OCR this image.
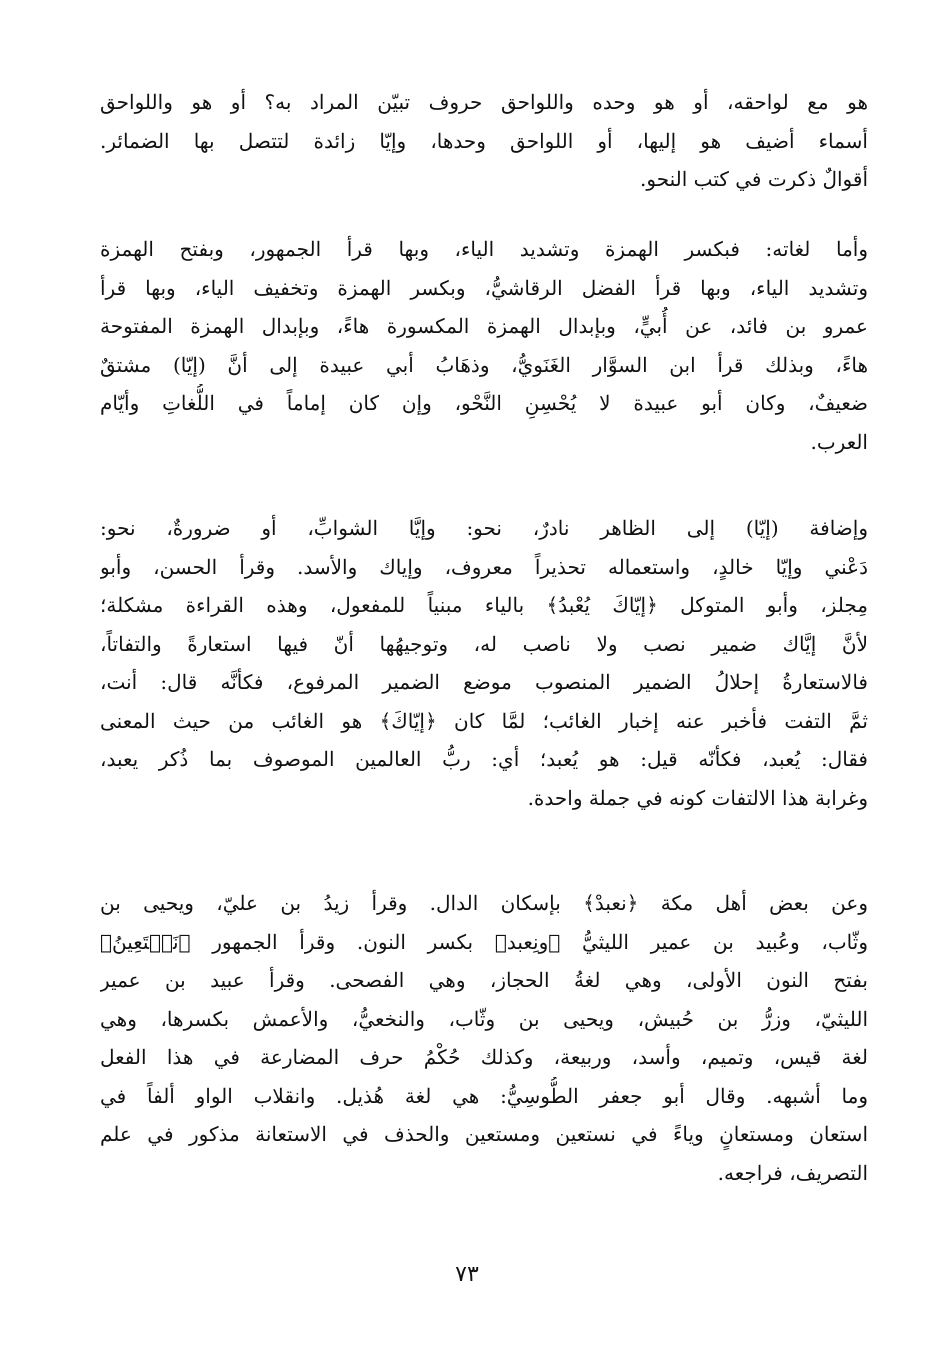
هو مع لواحقه، أو هو وحده واللواحق حروف تبيّن المراد به؟ أو هو واللواحق
أسماء أضيف هو إليها، أو اللواحق وحدها، وإيّا زائدة لتتصل بها الضمائر.
أقوالٌ ذكرت في كتب النحو.
وأما لغاته: فبكسر الهمزة وتشديد الياء، وبها قرأ الجمهور، وبفتح الهمزة
وتشديد الياء، وبها قرأ الفضل الرقاشيُّ، وبكسر الهمزة وتخفيف الياء، وبها قرأ
عمرو بن فائد، عن أُبيٍّ، وبإبدال الهمزة المكسورة هاءً، وبإبدال الهمزة المفتوحة
هاءً، وبذلك قرأ ابن السوَّار الغَنَويُّ، وذهَابُ أبي عبيدة إلى أنَّ (إيّا) مشتقٌ
ضعيفٌ، وكان أبو عبيدة لا يُحْسِنِ النَّحْو، وإن كان إماماً في اللُّغاتِ وأيّام
العرب.
وإضافة (إيّا) إلى الظاهر نادرٌ، نحو: وإيَّا الشوابِّ، أو ضرورةٌ، نحو:
دَعْني وإيّا خالدٍ، واستعماله تحذيراً معروف، وإياك والأسد. وقرأ الحسن، وأبو
مِجلز، وأبو المتوكل ﴿إيّاكَ يُعْبدُ﴾ بالياء مبنياً للمفعول، وهذه القراءة مشكلة؛
لأنَّ إيَّاك ضمير نصب ولا ناصب له، وتوجيهُها أنّ فيها استعارةً والتفاتاً،
فالاستعارةُ إحلالُ الضمير المنصوب موضع الضمير المرفوع، فكأنَّه قال: أنت،
ثمَّ التفت فأخبر عنه إخبار الغائب؛ لمَّا كان ﴿إيّاكَ﴾ هو الغائب من حيث المعنى
فقال: يُعبد، فكأنّه قيل: هو يُعبد؛ أي: ربُّ العالمين الموصوف بما ذُكر يعبد،
وغرابة هذا الالتفات كونه في جملة واحدة.
وعن بعض أهل مكة ﴿نعبدْ﴾ بإسكان الدال. وقرأ زيدُ بن عليّ، ويحيى بن
وثّاب، وعُبيد بن عمير الليثيُّ ﴿ونِعبد﴾ بكسر النون. وقرأ الجمهور ﴿نَسۡتَعِينُ﴾
بفتح النون الأولى، وهي لغةُ الحجاز، وهي الفصحى. وقرأ عبيد بن عمير
الليثيّ، وزرُّ بن حُبيش، ويحيى بن وثّاب، والنخعيُّ، والأعمش بكسرها، وهي
لغة قيس، وتميم، وأسد، وربيعة، وكذلك حُكْمُ حرف المضارعة في هذا الفعل
وما أشبهه. وقال أبو جعفر الطُّوسِيُّ: هي لغة هُذيل. وانقلاب الواو ألفاً في
استعان ومستعانٍ وياءً في نستعين ومستعين والحذف في الاستعانة مذكور في علم
التصريف، فراجعه.
٧٣
